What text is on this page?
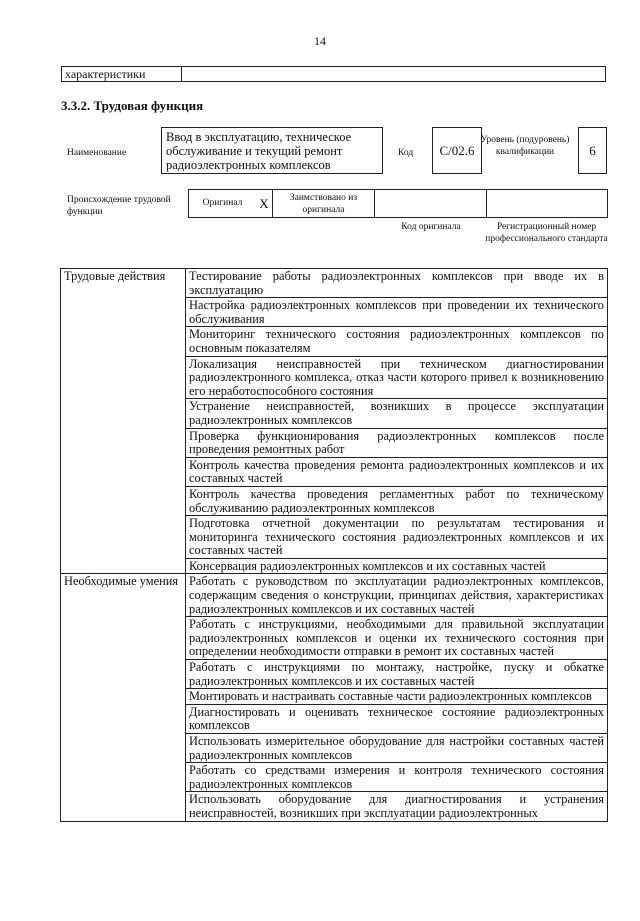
14
характеристики
3.3.2. Трудовая функция
Наименование
Ввод в эксплуатацию, техническое обслуживание и текущий ремонт радиоэлектронных комплексов
Код	C/02.6
Уровень (подуровень) квалификации	6
Происхождение трудовой функции
Оригинал	X	Заимствовано из оригинала
Код оригинала	Регистрационный номер профессионального стандарта
Трудовые действия	Тестирование работы радиоэлектронных комплексов при вводе их в эксплуатацию
	Настройка радиоэлектронных комплексов при проведении их технического обслуживания
	Мониторинг технического состояния радиоэлектронных комплексов по основным показателям
	Локализация неисправностей при техническом диагностировании радиоэлектронного комплекса, отказ части которого привел к возникновению его неработоспособного состояния
	Устранение неисправностей, возникших в процессе эксплуатации радиоэлектронных комплексов
	Проверка функционирования радиоэлектронных комплексов после проведения ремонтных работ
	Контроль качества проведения ремонта радиоэлектронных комплексов и их составных частей
	Контроль качества проведения регламентных работ по техническому обслуживанию радиоэлектронных комплексов
	Подготовка отчетной документации по результатам тестирования и мониторинга технического состояния радиоэлектронных комплексов и их составных частей
	Консервация радиоэлектронных комплексов и их составных частей
Необходимые умения	Работать с руководством по эксплуатации радиоэлектронных комплексов, содержащим сведения о конструкции, принципах действия, характеристиках радиоэлектронных комплексов и их составных частей
	Работать с инструкциями, необходимыми для правильной эксплуатации радиоэлектронных комплексов и оценки их технического состояния при определении необходимости отправки в ремонт их составных частей
	Работать с инструкциями по монтажу, настройке, пуску и обкатке радиоэлектронных комплексов и их составных частей
	Монтировать и настраивать составные части радиоэлектронных комплексов
	Диагностировать и оценивать техническое состояние радиоэлектронных комплексов
	Использовать измерительное оборудование для настройки составных частей радиоэлектронных комплексов
	Работать со средствами измерения и контроля технического состояния радиоэлектронных комплексов
	Использовать оборудование для диагностирования и устранения неисправностей, возникших при эксплуатации радиоэлектронных
